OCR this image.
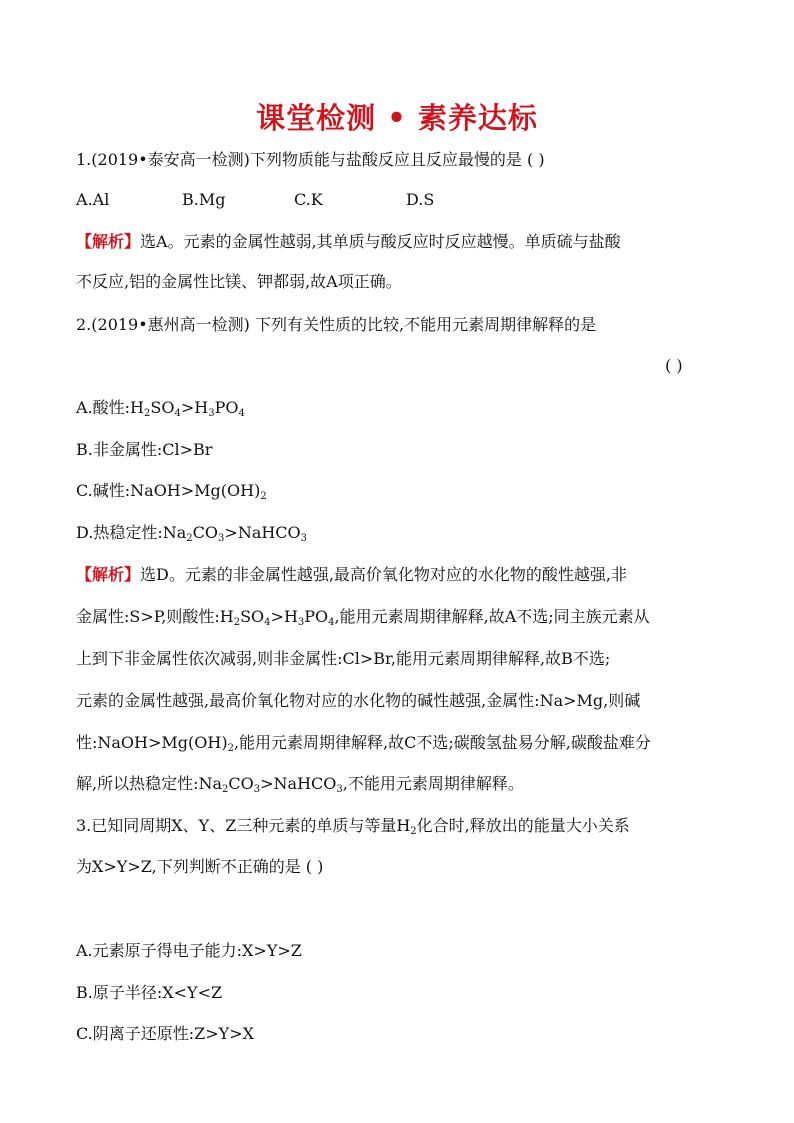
课堂检测 • 素养达标
1.(2019•泰安高一检测)下列物质能与盐酸反应且反应最慢的是 ( )
A.Al	B.Mg	C.K	D.S
【解析】选A。元素的金属性越弱,其单质与酸反应时反应越慢。单质硫与盐酸
不反应,铝的金属性比镁、钾都弱,故A项正确。
2.(2019•惠州高一检测) 下列有关性质的比较,不能用元素周期律解释的是
( )
A.酸性$:H_2SO_4>H_3PO_4$
B.非金属性:Cl>Br
C.碱性$:NaOH>Mg(OH)_2$
D.热稳定性$:Na_2CO_3>NaHCO_3$
【解析】选D。元素的非金属性越强,最高价氧化物对应的水化物的酸性越强,非
金属性:S>P,则酸性$:H_2SO_4>H_3PO_4$,能用元素周期律解释,故A不选;同主族元素从
上到下非金属性依次减弱,则非金属性:Cl>Br,能用元素周期律解释,故B不选;
元素的金属性越强,最高价氧化物对应的水化物的碱性越强,金属性:Na>Mg,则碱
性$:NaOH>Mg(OH)_2$,能用元素周期律解释,故C不选;碳酸氢盐易分解,碳酸盐难分
解,所以热稳定性$:Na_2CO_3>NaHCO_3$,不能用元素周期律解释。
3.已知同周期X、Y、Z三种元素的单质与等量$H_2$化合时,释放出的能量大小关系
为X>Y>Z,下列判断不正确的是 ( )
A.元素原子得电子能力:X>Y>Z
B.原子半径:X<Y<Z
C.阴离子还原性:Z>Y>X
